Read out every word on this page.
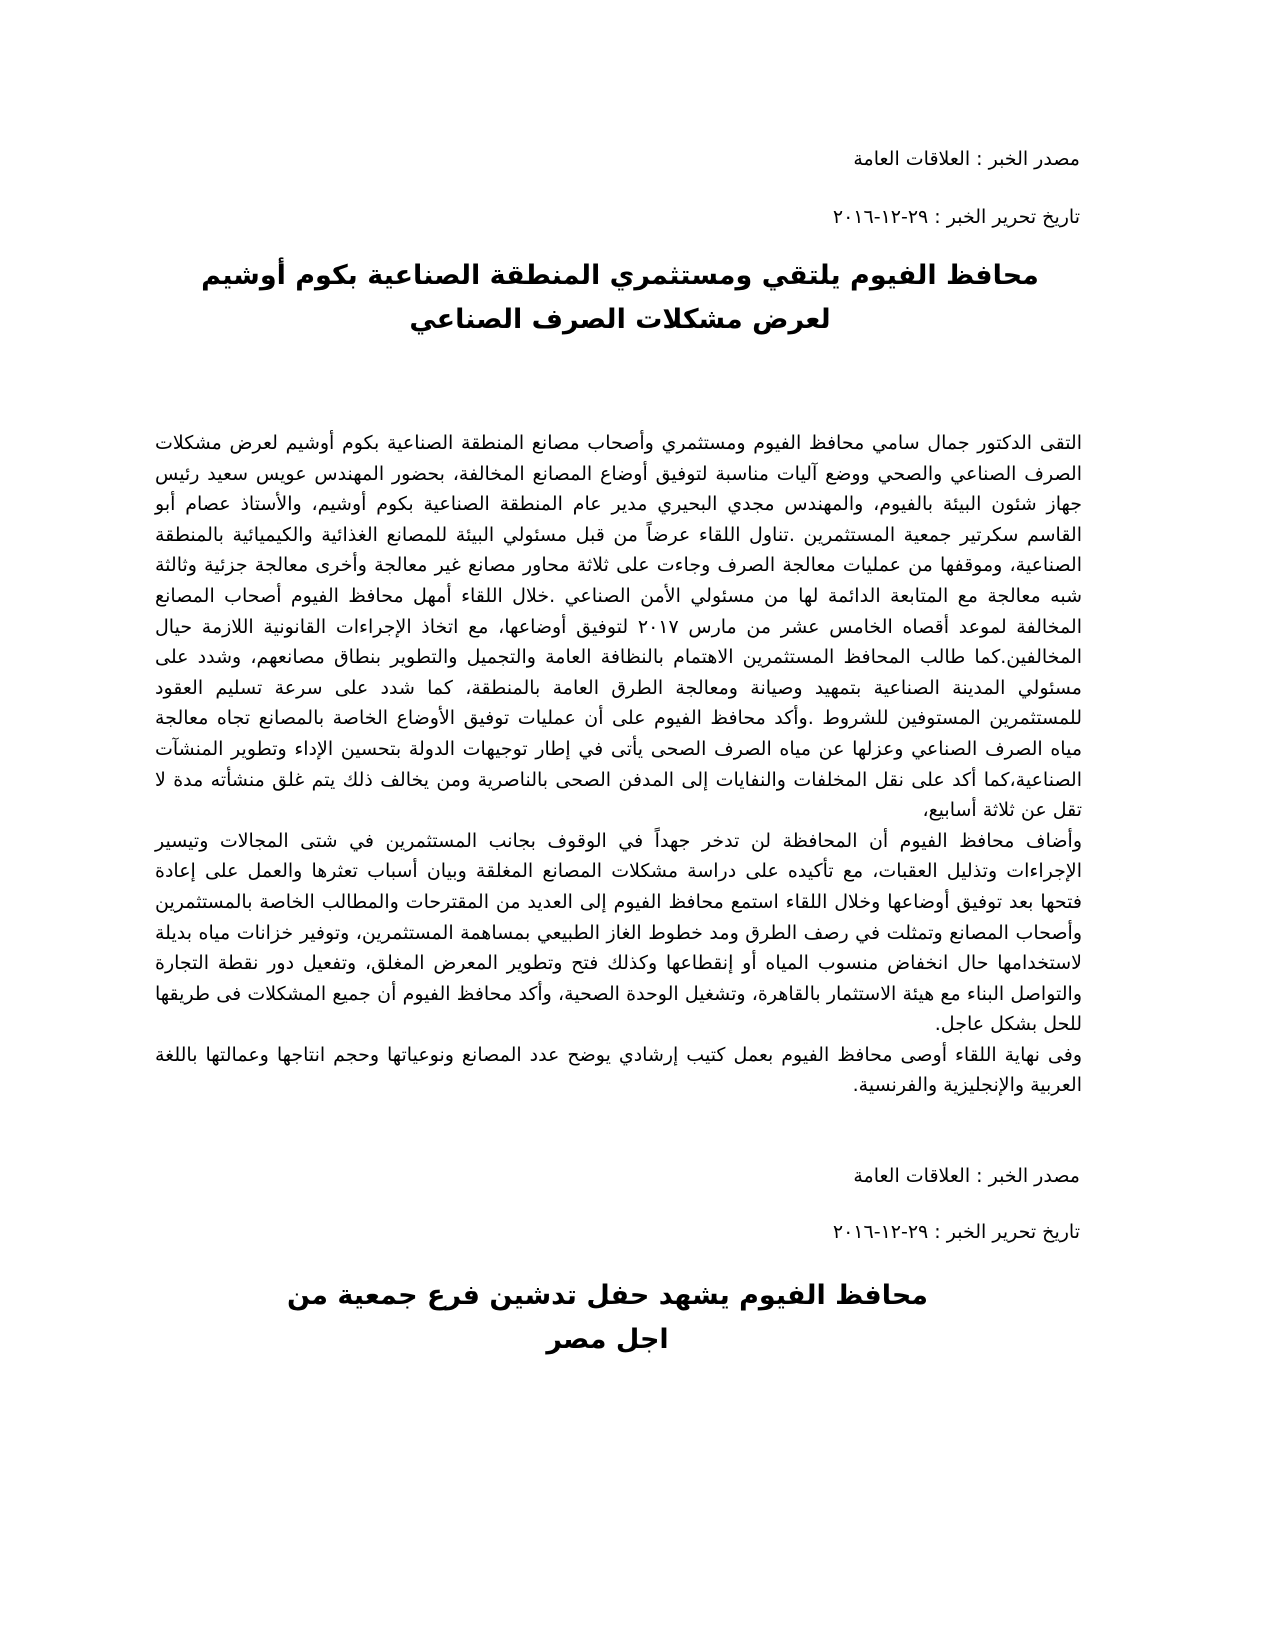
مصدر الخبر : العلاقات العامة
تاريخ تحرير الخبر : ٢٩-١٢-٢٠١٦
محافظ الفيوم يلتقي ومستثمري المنطقة الصناعية بكوم أوشيم لعرض مشكلات الصرف الصناعي

التقى الدكتور جمال سامي محافظ الفيوم ومستثمري وأصحاب مصانع المنطقة الصناعية بكوم أوشيم لعرض مشكلات الصرف الصناعي والصحي ووضع آليات مناسبة لتوفيق أوضاع المصانع المخالفة، بحضور المهندس عويس سعيد رئيس جهاز شئون البيئة بالفيوم، والمهندس مجدي البحيري مدير عام المنطقة الصناعية بكوم أوشيم، والأستاذ عصام أبو القاسم سكرتير جمعية المستثمرين .تناول اللقاء عرضاً من قبل مسئولي البيئة للمصانع الغذائية والكيميائية بالمنطقة الصناعية، وموقفها من عمليات معالجة الصرف وجاءت على ثلاثة محاور مصانع غير معالجة وأخرى معالجة جزئية وثالثة شبه معالجة مع المتابعة الدائمة لها من مسئولي الأمن الصناعي .خلال اللقاء أمهل محافظ الفيوم أصحاب المصانع المخالفة لموعد أقصاه الخامس عشر من مارس ٢٠١٧ لتوفيق أوضاعها، مع اتخاذ الإجراءات القانونية اللازمة حيال المخالفين.كما طالب المحافظ المستثمرين الاهتمام بالنظافة العامة والتجميل والتطوير بنطاق مصانعهم، وشدد على مسئولي المدينة الصناعية بتمهيد وصيانة ومعالجة الطرق العامة بالمنطقة، كما شدد على سرعة تسليم العقود للمستثمرين المستوفين للشروط .وأكد محافظ الفيوم على أن عمليات توفيق الأوضاع الخاصة بالمصانع تجاه معالجة مياه الصرف الصناعي وعزلها عن مياه الصرف الصحى يأتى في إطار توجيهات الدولة بتحسين الإداء وتطوير المنشآت الصناعية،كما أكد على نقل المخلفات والنفايات إلى المدفن الصحى بالناصرية ومن يخالف ذلك يتم غلق منشأته مدة لا تقل عن ثلاثة أسابيع،

وأضاف محافظ الفيوم أن المحافظة لن تدخر جهداً في الوقوف بجانب المستثمرين في شتى المجالات وتيسير الإجراءات وتذليل العقبات، مع تأكيده على دراسة مشكلات المصانع المغلقة وبيان أسباب تعثرها والعمل على إعادة فتحها بعد توفيق أوضاعها وخلال اللقاء استمع محافظ الفيوم إلى العديد من المقترحات والمطالب الخاصة بالمستثمرين وأصحاب المصانع وتمثلت في رصف الطرق ومد خطوط الغاز الطبيعي بمساهمة المستثمرين، وتوفير خزانات مياه بديلة لاستخدامها حال انخفاض منسوب المياه أو إنقطاعها وكذلك فتح وتطوير المعرض المغلق، وتفعيل دور نقطة التجارة والتواصل البناء مع هيئة الاستثمار بالقاهرة، وتشغيل الوحدة الصحية، وأكد محافظ الفيوم أن جميع المشكلات فى طريقها للحل بشكل عاجل.

وفى نهاية اللقاء أوصى محافظ الفيوم بعمل كتيب إرشادي يوضح عدد المصانع ونوعياتها وحجم انتاجها وعمالتها باللغة العربية والإنجليزية والفرنسية.

مصدر الخبر : العلاقات العامة
تاريخ تحرير الخبر : ٢٩-١٢-٢٠١٦
محافظ الفيوم يشهد حفل تدشين فرع جمعية من اجل مصر
